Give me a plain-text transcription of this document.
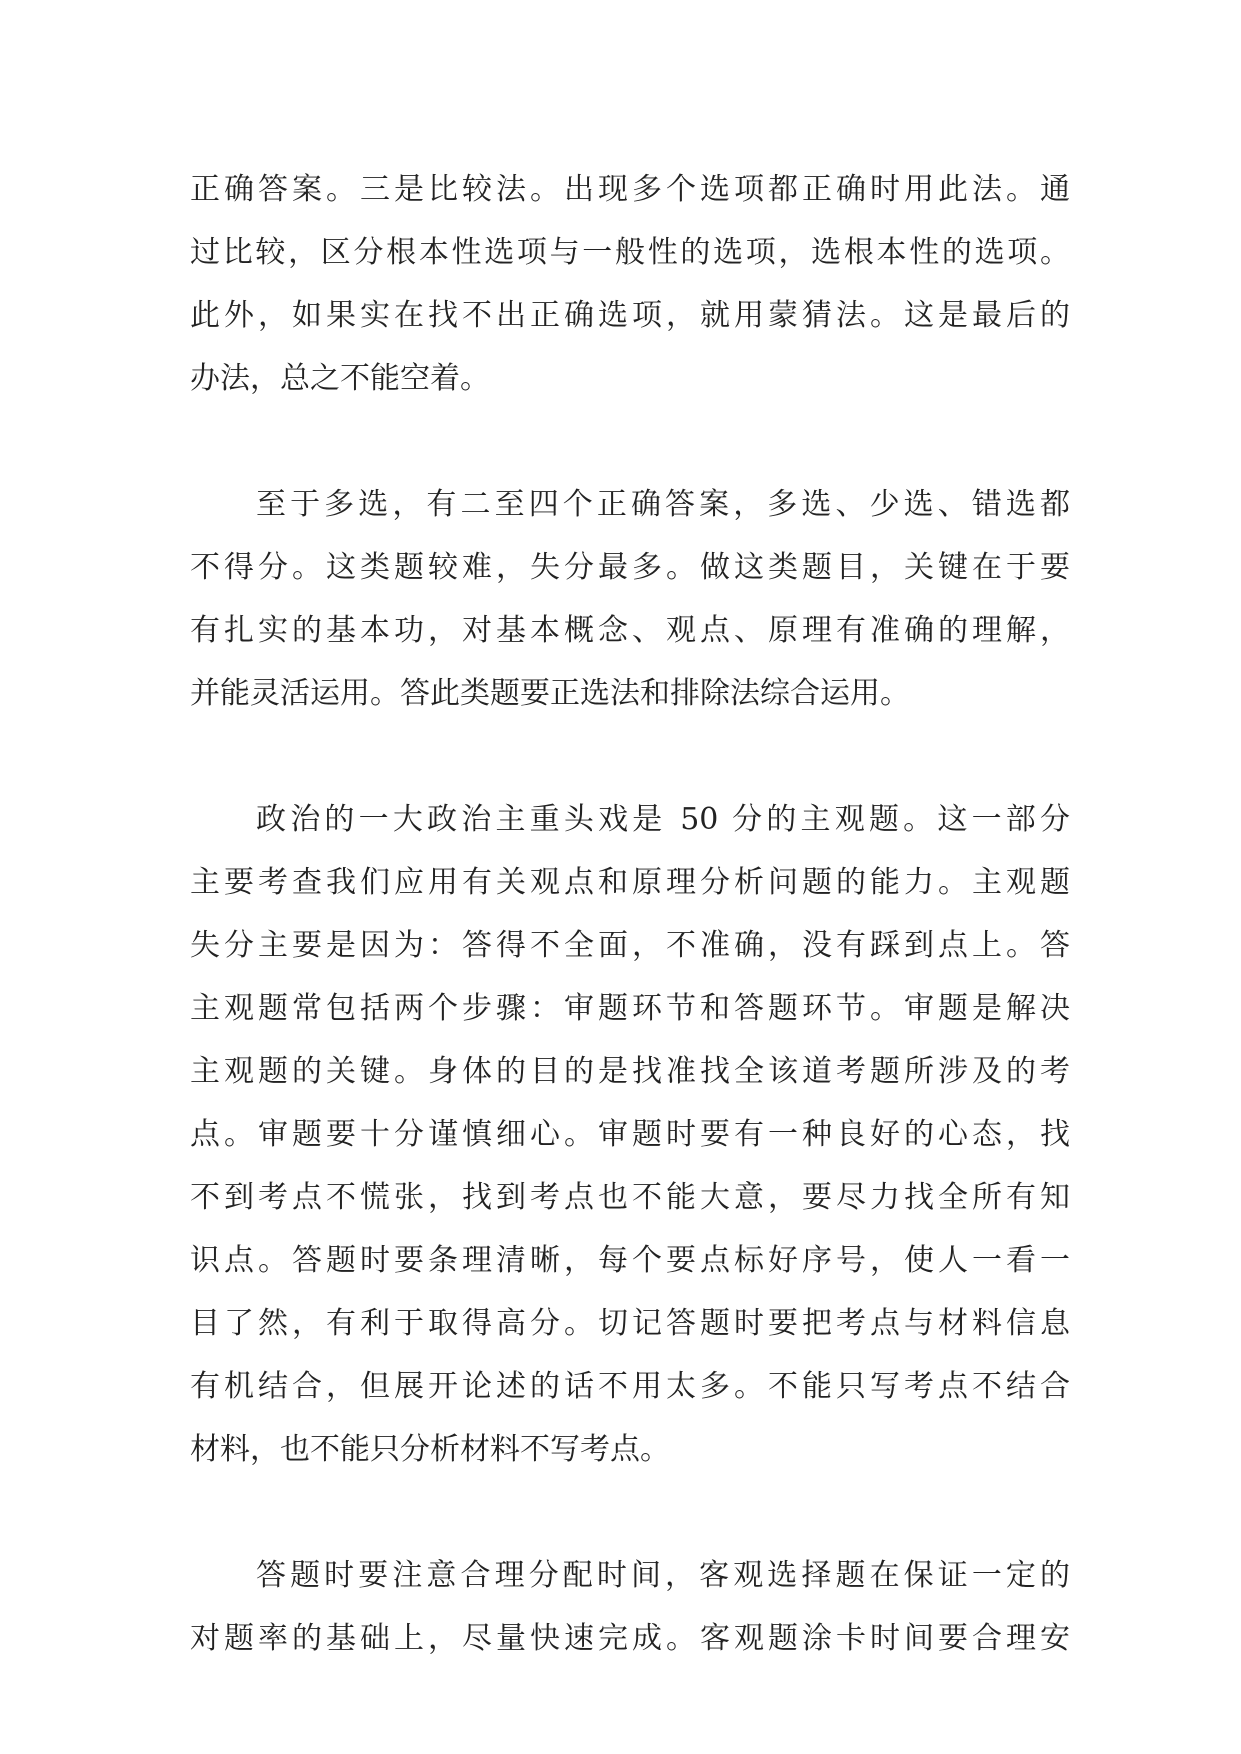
正确答案。三是比较法。出现多个选项都正确时用此法。通
过比较，区分根本性选项与一般性的选项，选根本性的选项。
此外，如果实在找不出正确选项，就用蒙猜法。这是最后的
办法，总之不能空着。
至于多选，有二至四个正确答案，多选、少选、错选都
不得分。这类题较难，失分最多。做这类题目，关键在于要
有扎实的基本功，对基本概念、观点、原理有准确的理解，
并能灵活运用。答此类题要正选法和排除法综合运用。
政治的一大政治主重头戏是 50 分的主观题。这一部分
主要考查我们应用有关观点和原理分析问题的能力。主观题
失分主要是因为：答得不全面，不准确，没有踩到点上。答
主观题常包括两个步骤：审题环节和答题环节。审题是解决
主观题的关键。身体的目的是找准找全该道考题所涉及的考
点。审题要十分谨慎细心。审题时要有一种良好的心态，找
不到考点不慌张，找到考点也不能大意，要尽力找全所有知
识点。答题时要条理清晰，每个要点标好序号，使人一看一
目了然，有利于取得高分。切记答题时要把考点与材料信息
有机结合，但展开论述的话不用太多。不能只写考点不结合
材料，也不能只分析材料不写考点。
答题时要注意合理分配时间，客观选择题在保证一定的
对题率的基础上，尽量快速完成。客观题涂卡时间要合理安
